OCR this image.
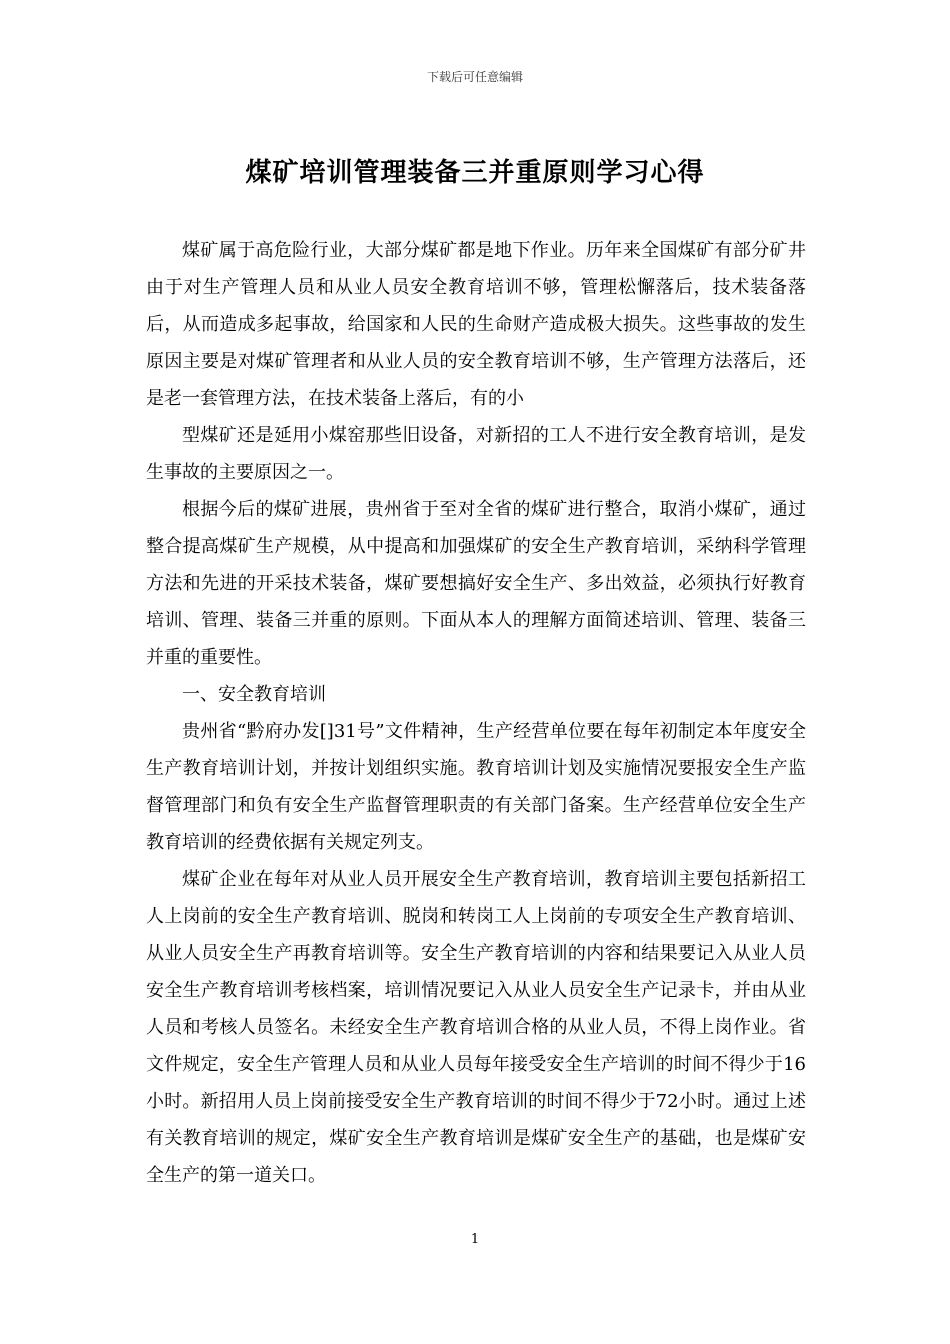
下载后可任意编辑
煤矿培训管理装备三并重原则学习心得

煤矿属于高危险行业，大部分煤矿都是地下作业。历年来全国煤矿有部分矿井由于对生产管理人员和从业人员安全教育培训不够，管理松懈落后，技术装备落后，从而造成多起事故，给国家和人民的生命财产造成极大损失。这些事故的发生原因主要是对煤矿管理者和从业人员的安全教育培训不够，生产管理方法落后，还是老一套管理方法，在技术装备上落后，有的小

型煤矿还是延用小煤窑那些旧设备，对新招的工人不进行安全教育培训，是发生事故的主要原因之一。

根据今后的煤矿进展，贵州省于至对全省的煤矿进行整合，取消小煤矿，通过整合提高煤矿生产规模，从中提高和加强煤矿的安全生产教育培训，采纳科学管理方法和先进的开采技术装备，煤矿要想搞好安全生产、多出效益，必须执行好教育培训、管理、装备三并重的原则。下面从本人的理解方面简述培训、管理、装备三并重的重要性。

一、安全教育培训

贵州省“黔府办发[]31号”文件精神，生产经营单位要在每年初制定本年度安全生产教育培训计划，并按计划组织实施。教育培训计划及实施情况要报安全生产监督管理部门和负有安全生产监督管理职责的有关部门备案。生产经营单位安全生产教育培训的经费依据有关规定列支。

煤矿企业在每年对从业人员开展安全生产教育培训，教育培训主要包括新招工人上岗前的安全生产教育培训、脱岗和转岗工人上岗前的专项安全生产教育培训、从业人员安全生产再教育培训等。安全生产教育培训的内容和结果要记入从业人员安全生产教育培训考核档案，培训情况要记入从业人员安全生产记录卡，并由从业人员和考核人员签名。未经安全生产教育培训合格的从业人员，不得上岗作业。省文件规定，安全生产管理人员和从业人员每年接受安全生产培训的时间不得少于16小时。新招用人员上岗前接受安全生产教育培训的时间不得少于72小时。通过上述有关教育培训的规定，煤矿安全生产教育培训是煤矿安全生产的基础，也是煤矿安全生产的第一道关口。

1
